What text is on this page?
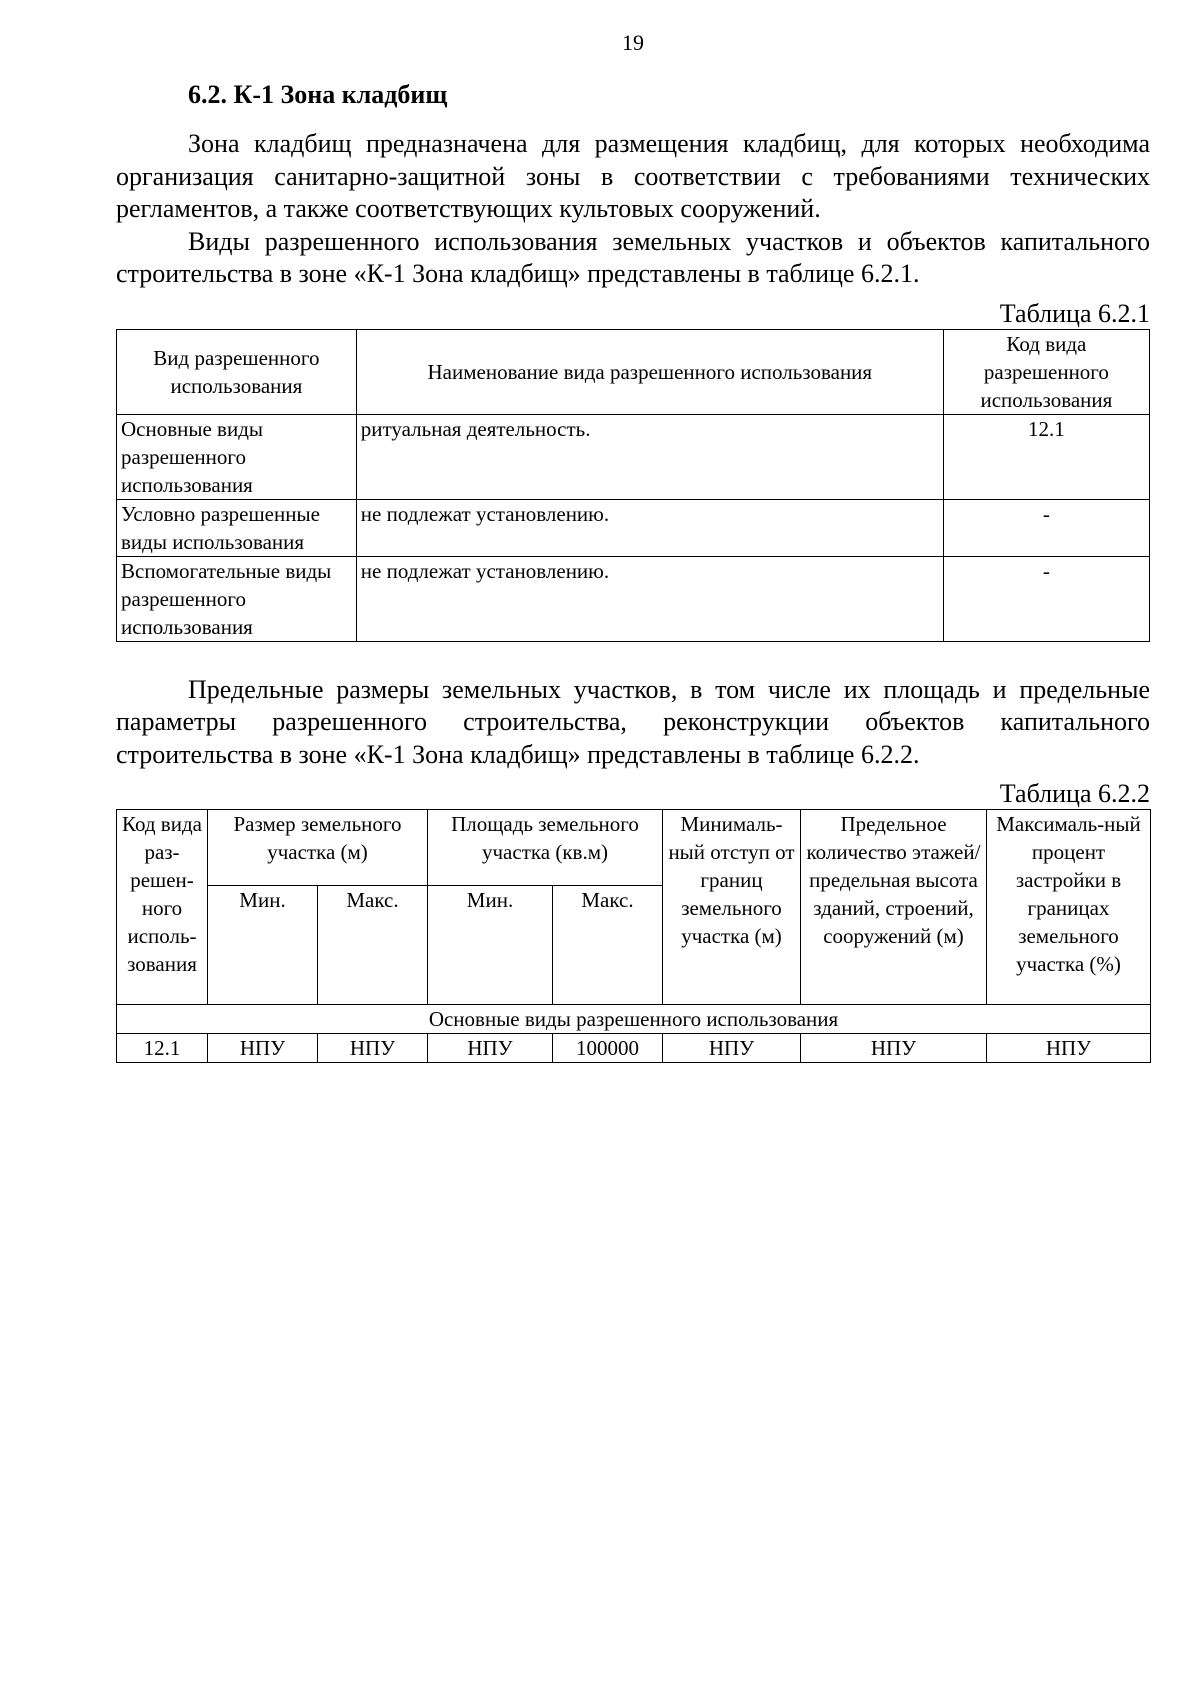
19
6.2. К-1 Зона кладбищ

Зона кладбищ предназначена для размещения кладбищ, для которых необходима организация санитарно-защитной зоны в соответствии с требованиями технических регламентов, а также соответствующих культовых сооружений.

Виды разрешенного использования земельных участков и объектов капитального строительства в зоне «К-1 Зона кладбищ» представлены в таблице 6.2.1.

Таблица 6.2.1
Вид разрешенного использования	Наименование вида разрешенного использования	Код вида разрешенного использования
Основные виды разрешенного использования	ритуальная деятельность.	12.1
Условно разрешенные виды использования	не подлежат установлению.	-
Вспомогательные виды разрешенного использования	не подлежат установлению.	-

Предельные размеры земельных участков, в том числе их площадь и предельные параметры разрешенного строительства, реконструкции объектов капитального строительства в зоне «К-1 Зона кладбищ» представлены в таблице 6.2.2.

Таблица 6.2.2
Код вида раз-решен-ного исполь-зования	Размер земельного участка (м)		Площадь земельного участка (кв.м)		Минималь-ный отступ от границ земельного участка (м)	Предельное количество этажей/ предельная высота зданий, строений, сооружений (м)	Максималь-ный процент застройки в границах земельного участка (%)
	Мин.	Макс.	Мин.	Макс.			
Основные виды разрешенного использования							
12.1	НПУ	НПУ	НПУ	100000	НПУ	НПУ	НПУ
